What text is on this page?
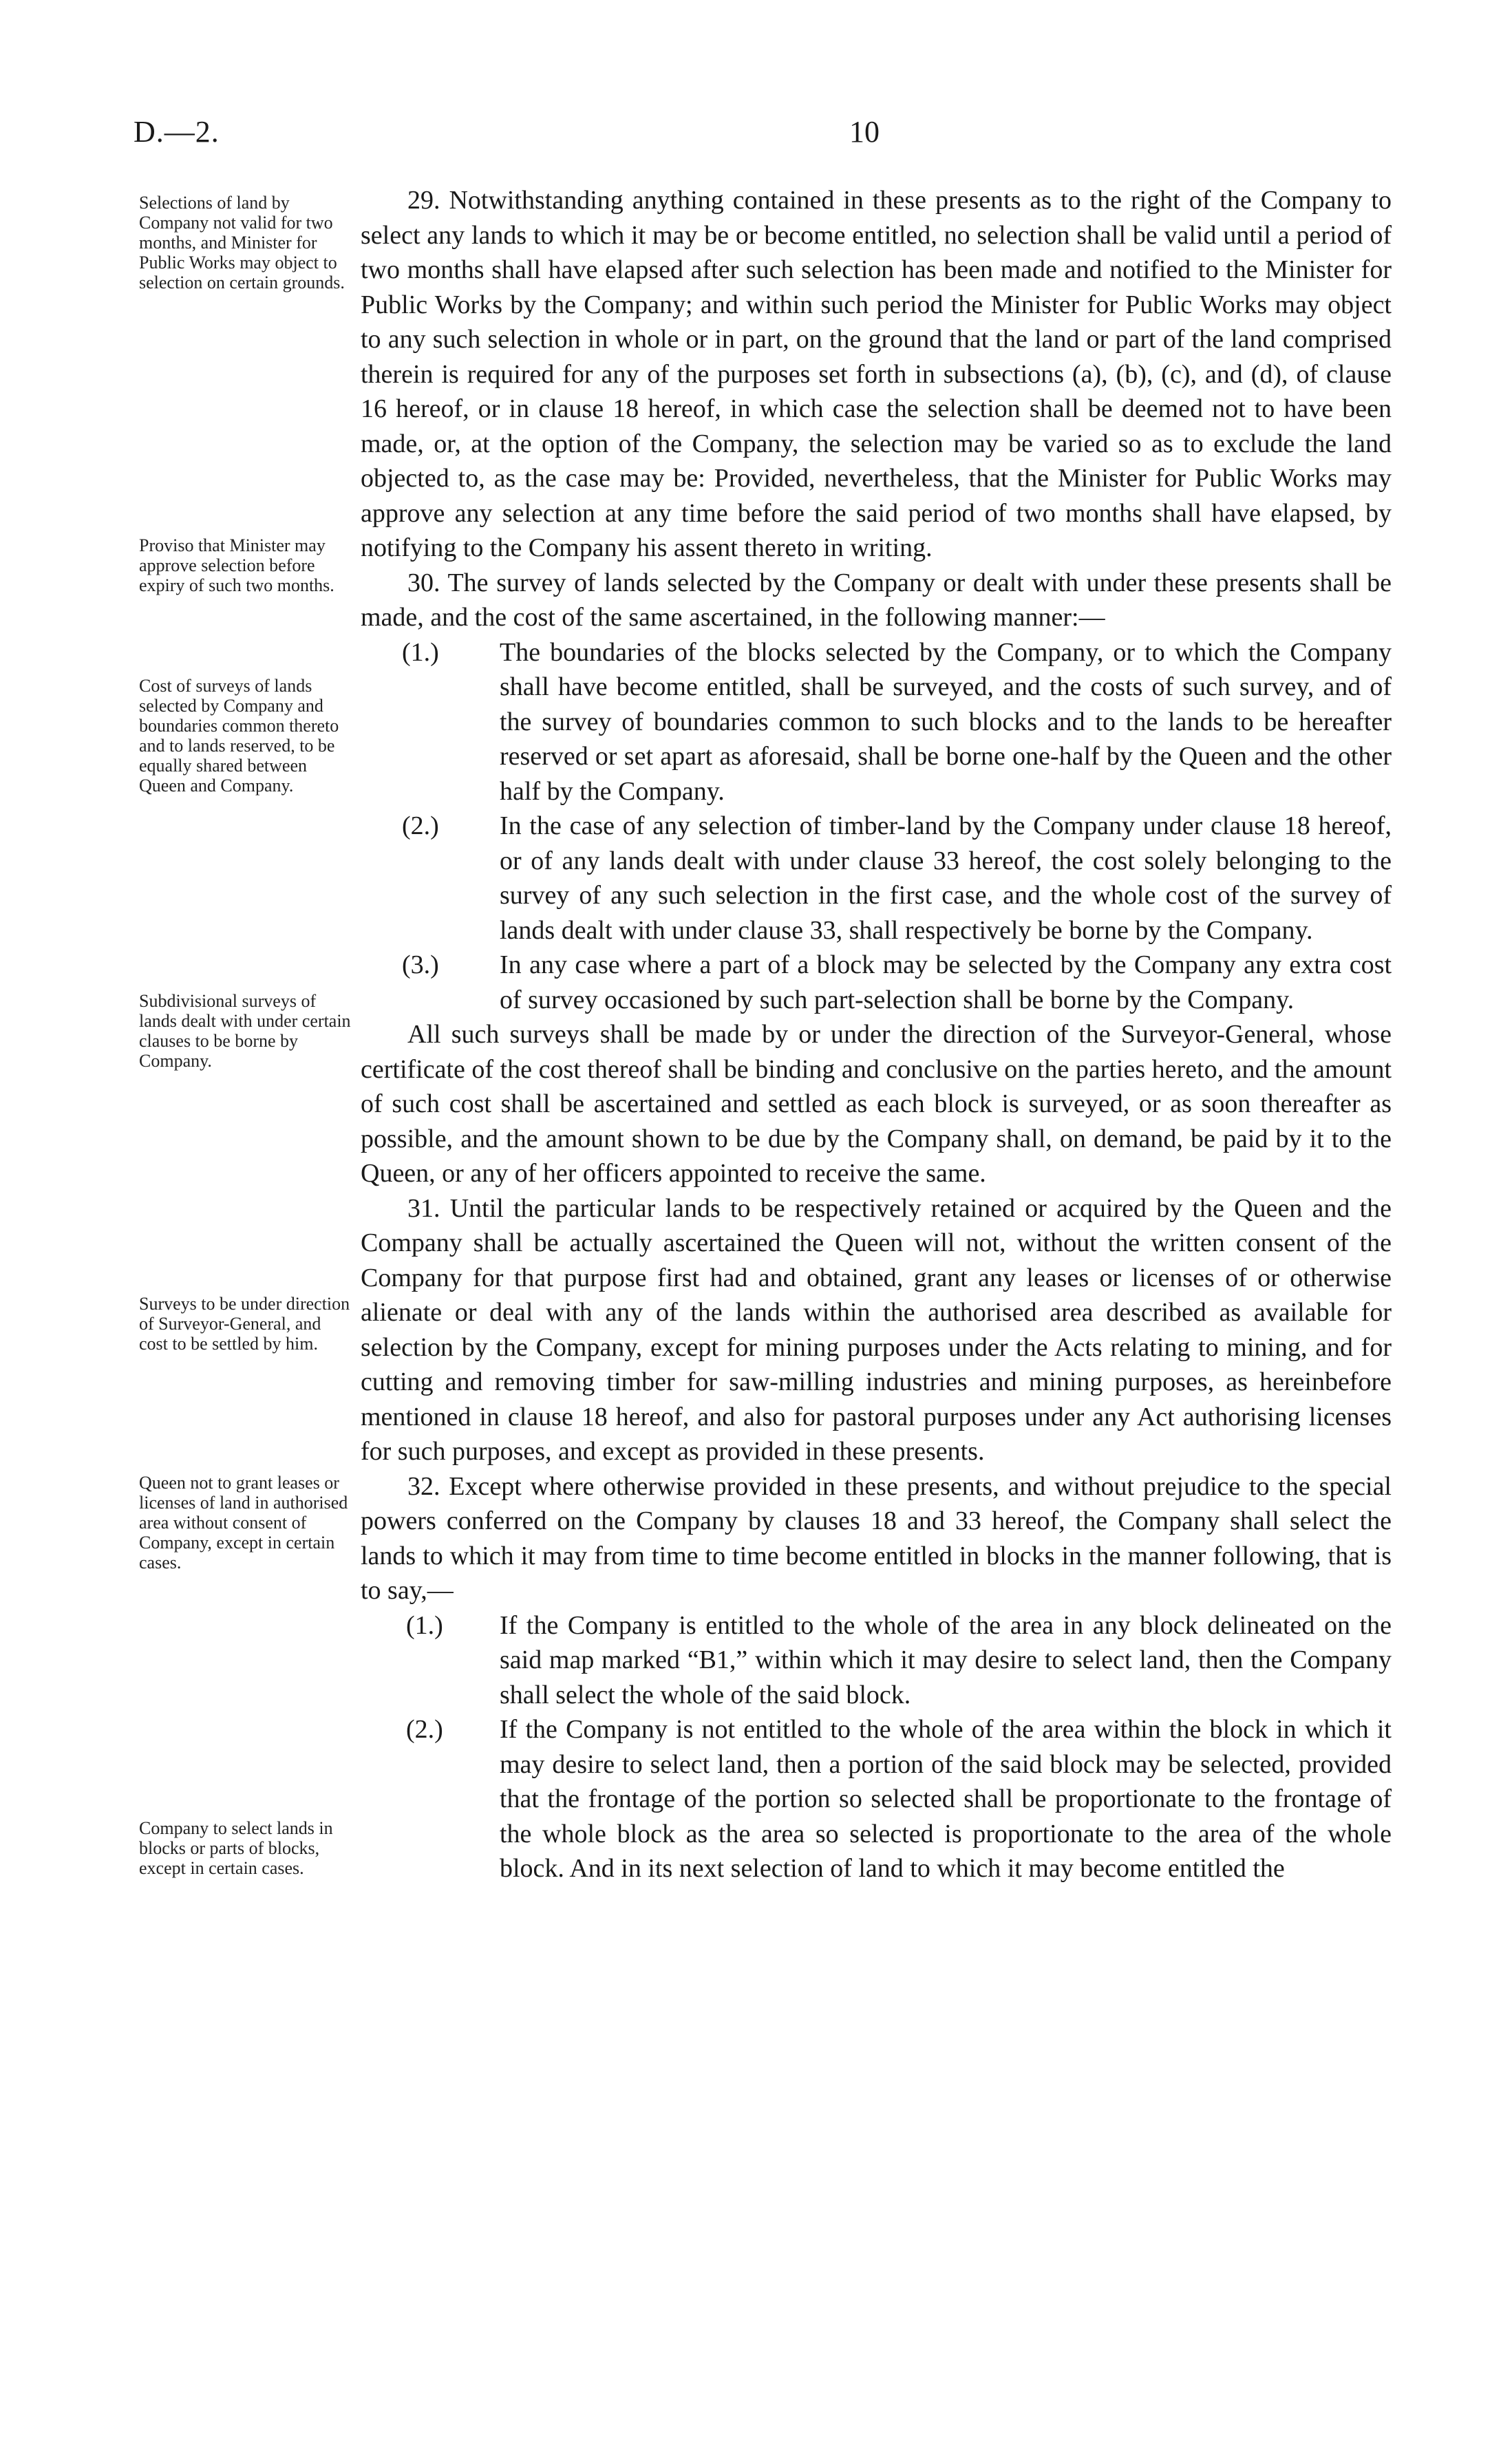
D.—2.	10
Selections of land by Company not valid for two months, and Minister for Public Works may object to selection on certain grounds.
Proviso that Minister may approve selection before expiry of such two months.
Cost of surveys of lands selected by Company and boundaries common thereto and to lands reserved, to be equally shared between Queen and Company.
Subdivisional surveys of lands dealt with under certain clauses to be borne by Company.
Surveys to be under direction of Surveyor-General, and cost to be settled by him.
Queen not to grant leases or licenses of land in authorised area without consent of Company, except in certain cases.
Company to select lands in blocks or parts of blocks, except in certain cases.

29. Notwithstanding anything contained in these presents as to the right of the Company to select any lands to which it may be or become entitled, no selection shall be valid until a period of two months shall have elapsed after such selection has been made and notified to the Minister for Public Works by the Company; and within such period the Minister for Public Works may object to any such selection in whole or in part, on the ground that the land or part of the land comprised therein is required for any of the purposes set forth in subsections (a), (b), (c), and (d), of clause 16 hereof, or in clause 18 hereof, in which case the selection shall be deemed not to have been made, or, at the option of the Company, the selection may be varied so as to exclude the land objected to, as the case may be: Provided, nevertheless, that the Minister for Public Works may approve any selection at any time before the said period of two months shall have elapsed, by notifying to the Company his assent thereto in writing.

30. The survey of lands selected by the Company or dealt with under these presents shall be made, and the cost of the same ascertained, in the following manner:—

(1.) The boundaries of the blocks selected by the Company, or to which the Company shall have become entitled, shall be surveyed, and the costs of such survey, and of the survey of boundaries common to such blocks and to the lands to be hereafter reserved or set apart as aforesaid, shall be borne one-half by the Queen and the other half by the Company.
(2.) In the case of any selection of timber-land by the Company under clause 18 hereof, or of any lands dealt with under clause 33 hereof, the cost solely belonging to the survey of any such selection in the first case, and the whole cost of the survey of lands dealt with under clause 33, shall respectively be borne by the Company.
(3.) In any case where a part of a block may be selected by the Company any extra cost of survey occasioned by such part-selection shall be borne by the Company.

All such surveys shall be made by or under the direction of the Surveyor-General, whose certificate of the cost thereof shall be binding and conclusive on the parties hereto, and the amount of such cost shall be ascertained and settled as each block is surveyed, or as soon thereafter as possible, and the amount shown to be due by the Company shall, on demand, be paid by it to the Queen, or any of her officers appointed to receive the same.

31. Until the particular lands to be respectively retained or acquired by the Queen and the Company shall be actually ascertained the Queen will not, without the written consent of the Company for that purpose first had and obtained, grant any leases or licenses of or otherwise alienate or deal with any of the lands within the authorised area described as available for selection by the Company, except for mining purposes under the Acts relating to mining, and for cutting and removing timber for saw-milling industries and mining purposes, as hereinbefore mentioned in clause 18 hereof, and also for pastoral purposes under any Act authorising licenses for such purposes, and except as provided in these presents.

32. Except where otherwise provided in these presents, and without prejudice to the special powers conferred on the Company by clauses 18 and 33 hereof, the Company shall select the lands to which it may from time to time become entitled in blocks in the manner following, that is to say,—

(1.) If the Company is entitled to the whole of the area in any block delineated on the said map marked “B1,” within which it may desire to select land, then the Company shall select the whole of the said block.
(2.) If the Company is not entitled to the whole of the area within the block in which it may desire to select land, then a portion of the said block may be selected, provided that the frontage of the portion so selected shall be proportionate to the frontage of the whole block as the area so selected is proportionate to the area of the whole block. And in its next selection of land to which it may become entitled the
